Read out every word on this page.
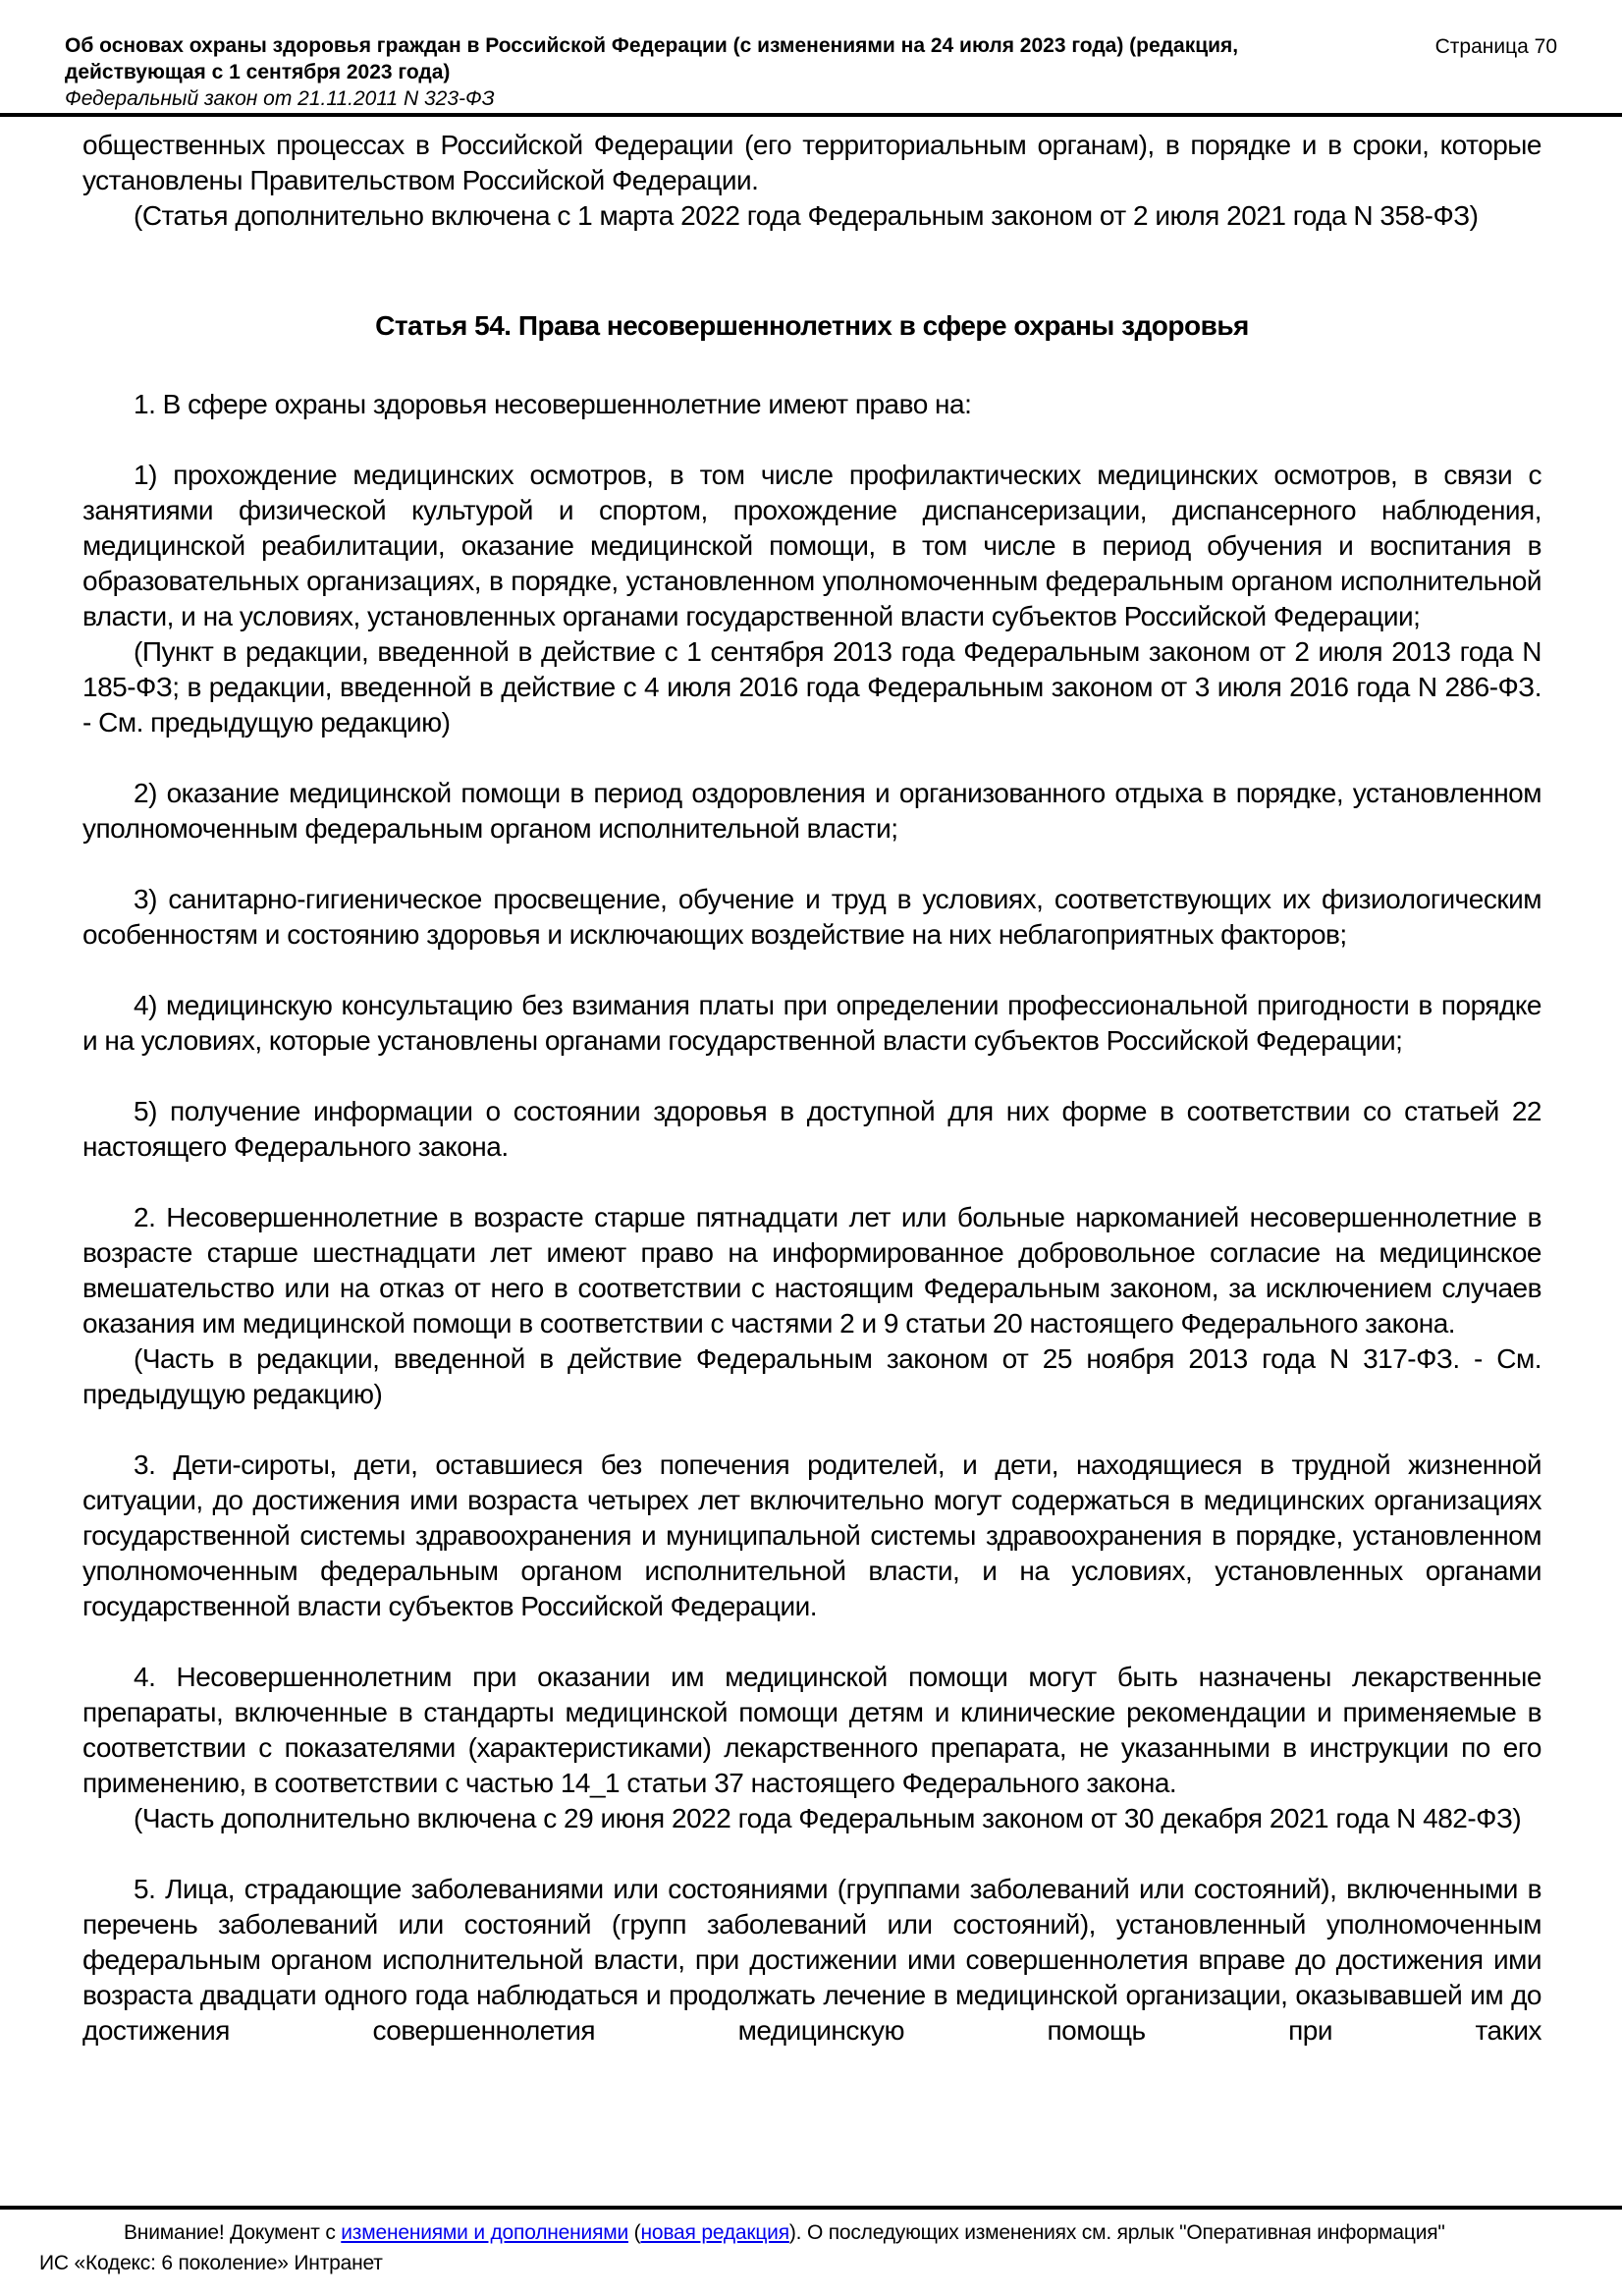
Об основах охраны здоровья граждан в Российской Федерации (с изменениями на 24 июля 2023 года) (редакция, действующая с 1 сентября 2023 года)
Федеральный закон от 21.11.2011 N 323-ФЗ
Страница 70
общественных процессах в Российской Федерации (его территориальным органам), в порядке и в сроки, которые установлены Правительством Российской Федерации.
(Статья дополнительно включена с 1 марта 2022 года Федеральным законом от 2 июля 2021 года N 358-ФЗ)
Статья 54. Права несовершеннолетних в сфере охраны здоровья
1. В сфере охраны здоровья несовершеннолетние имеют право на:
1) прохождение медицинских осмотров, в том числе профилактических медицинских осмотров, в связи с занятиями физической культурой и спортом, прохождение диспансеризации, диспансерного наблюдения, медицинской реабилитации, оказание медицинской помощи, в том числе в период обучения и воспитания в образовательных организациях, в порядке, установленном уполномоченным федеральным органом исполнительной власти, и на условиях, установленных органами государственной власти субъектов Российской Федерации;
(Пункт в редакции, введенной в действие с 1 сентября 2013 года Федеральным законом от 2 июля 2013 года N 185-ФЗ; в редакции, введенной в действие с 4 июля 2016 года Федеральным законом от 3 июля 2016 года N 286-ФЗ. - См. предыдущую редакцию)
2) оказание медицинской помощи в период оздоровления и организованного отдыха в порядке, установленном уполномоченным федеральным органом исполнительной власти;
3) санитарно-гигиеническое просвещение, обучение и труд в условиях, соответствующих их физиологическим особенностям и состоянию здоровья и исключающих воздействие на них неблагоприятных факторов;
4) медицинскую консультацию без взимания платы при определении профессиональной пригодности в порядке и на условиях, которые установлены органами государственной власти субъектов Российской Федерации;
5) получение информации о состоянии здоровья в доступной для них форме в соответствии со статьей 22 настоящего Федерального закона.
2. Несовершеннолетние в возрасте старше пятнадцати лет или больные наркоманией несовершеннолетние в возрасте старше шестнадцати лет имеют право на информированное добровольное согласие на медицинское вмешательство или на отказ от него в соответствии с настоящим Федеральным законом, за исключением случаев оказания им медицинской помощи в соответствии с частями 2 и 9 статьи 20 настоящего Федерального закона.
(Часть в редакции, введенной в действие Федеральным законом от 25 ноября 2013 года N 317-ФЗ. - См. предыдущую редакцию)
3. Дети-сироты, дети, оставшиеся без попечения родителей, и дети, находящиеся в трудной жизненной ситуации, до достижения ими возраста четырех лет включительно могут содержаться в медицинских организациях государственной системы здравоохранения и муниципальной системы здравоохранения в порядке, установленном уполномоченным федеральным органом исполнительной власти, и на условиях, установленных органами государственной власти субъектов Российской Федерации.
4. Несовершеннолетним при оказании им медицинской помощи могут быть назначены лекарственные препараты, включенные в стандарты медицинской помощи детям и клинические рекомендации и применяемые в соответствии с показателями (характеристиками) лекарственного препарата, не указанными в инструкции по его применению, в соответствии с частью 14_1 статьи 37 настоящего Федерального закона.
(Часть дополнительно включена с 29 июня 2022 года Федеральным законом от 30 декабря 2021 года N 482-ФЗ)
5. Лица, страдающие заболеваниями или состояниями (группами заболеваний или состояний), включенными в перечень заболеваний или состояний (групп заболеваний или состояний), установленный уполномоченным федеральным органом исполнительной власти, при достижении ими совершеннолетия вправе до достижения ими возраста двадцати одного года наблюдаться и продолжать лечение в медицинской организации, оказывавшей им до достижения совершеннолетия медицинскую помощь при таких
Внимание! Документ с изменениями и дополнениями (новая редакция). О последующих изменениях см. ярлык "Оперативная информация"
ИС «Кодекс: 6 поколение» Интранет
